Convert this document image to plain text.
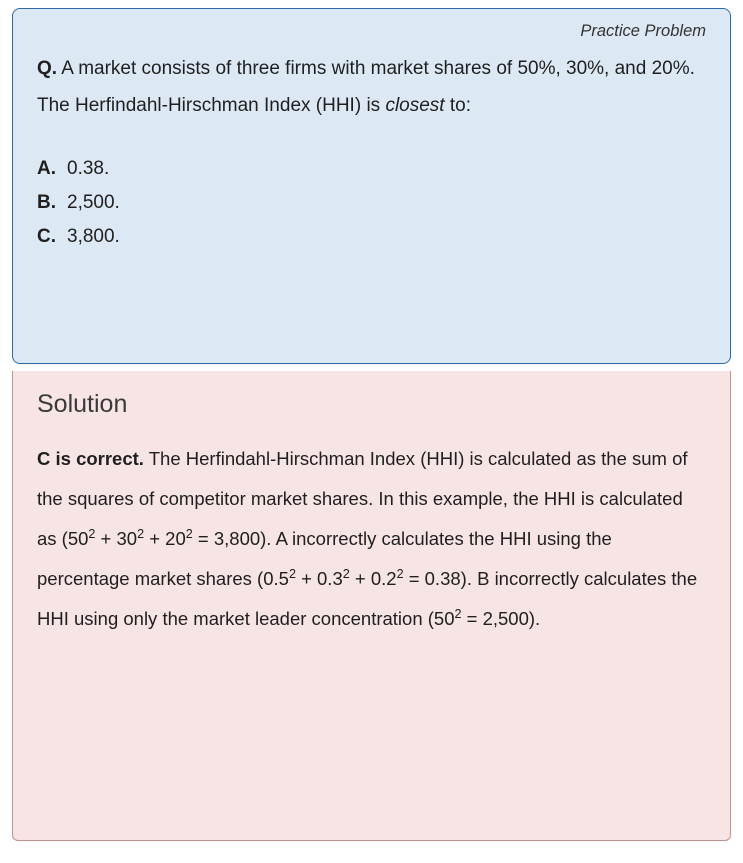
Practice Problem

Q. A market consists of three firms with market shares of 50%, 30%, and 20%. The Herfindahl-Hirschman Index (HHI) is closest to:

A. 0.38.
B. 2,500.
C. 3,800.
Solution

C is correct. The Herfindahl-Hirschman Index (HHI) is calculated as the sum of the squares of competitor market shares. In this example, the HHI is calculated as $(50^2 + 30^2 + 20^2 = 3,800)$. A incorrectly calculates the HHI using the percentage market shares $(0.5^2 + 0.3^2 + 0.2^2 = 0.38)$. B incorrectly calculates the HHI using only the market leader concentration $(50^2 = 2,500)$.
